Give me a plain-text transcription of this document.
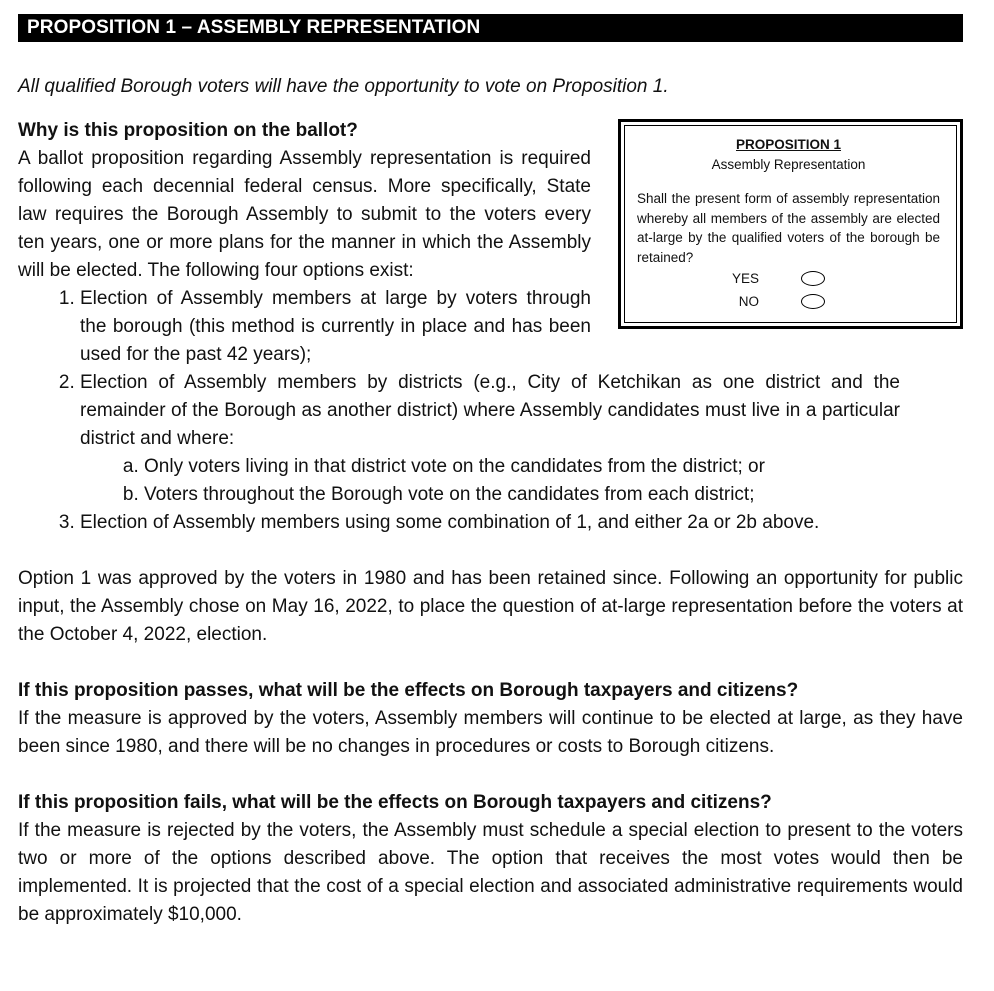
PROPOSITION 1 – ASSEMBLY REPRESENTATION
All qualified Borough voters will have the opportunity to vote on Proposition 1.
PROPOSITION 1
Assembly Representation
Shall the present form of assembly representation whereby all members of the assembly are elected at-large by the qualified voters of the borough be retained?
YES
NO

Why is this proposition on the ballot?

A ballot proposition regarding Assembly representation is required following each decennial federal census. More specifically, State law requires the Borough Assembly to submit to the voters every ten years, one or more plans for the manner in which the Assembly will be elected. The following four options exist:

1. Election of Assembly members at large by voters through the borough (this method is currently in place and has been used for the past 42 years);
2. Election of Assembly members by districts (e.g., City of Ketchikan as one district and the remainder of the Borough as another district) where Assembly candidates must live in a particular district and where:
a. Only voters living in that district vote on the candidates from the district; or
b. Voters throughout the Borough vote on the candidates from each district;
3. Election of Assembly members using some combination of 1, and either 2a or 2b above.

Option 1 was approved by the voters in 1980 and has been retained since. Following an opportunity for public input, the Assembly chose on May 16, 2022, to place the question of at-large representation before the voters at the October 4, 2022, election.

If this proposition passes, what will be the effects on Borough taxpayers and citizens?

If the measure is approved by the voters, Assembly members will continue to be elected at large, as they have been since 1980, and there will be no changes in procedures or costs to Borough citizens.

If this proposition fails, what will be the effects on Borough taxpayers and citizens?

If the measure is rejected by the voters, the Assembly must schedule a special election to present to the voters two or more of the options described above. The option that receives the most votes would then be implemented. It is projected that the cost of a special election and associated administrative requirements would be approximately $10,000.
